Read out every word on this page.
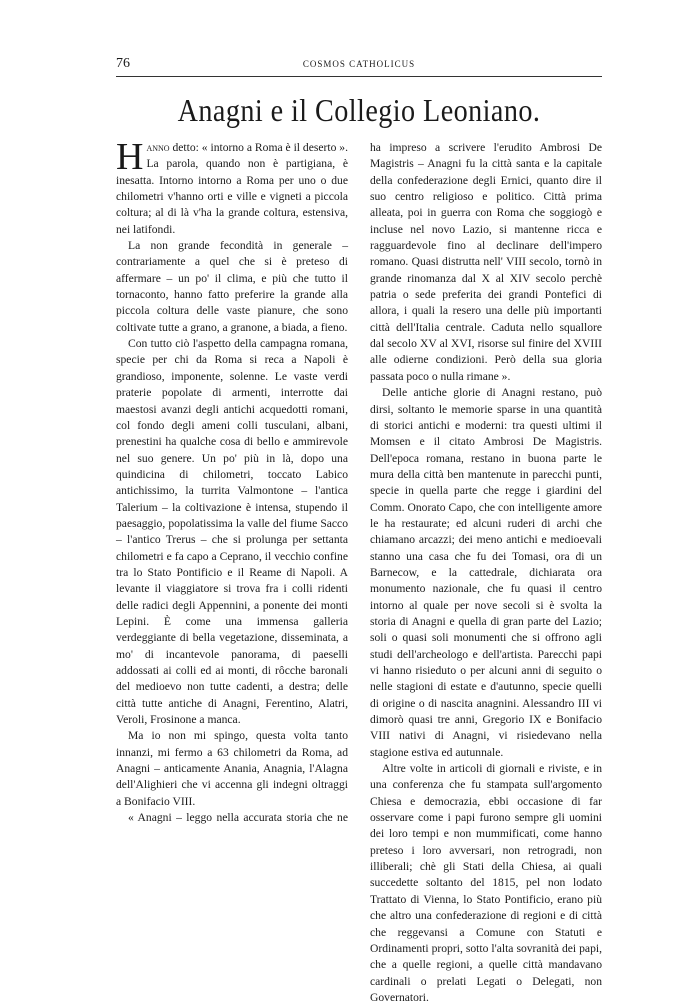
76	COSMOS CATHOLICUS
Anagni e il Collegio Leoniano.

Hanno detto: « intorno a Roma è il deserto ». La parola, quando non è partigiana, è inesatta. Intorno intorno a Roma per uno o due chilometri v'hanno orti e ville e vigneti a piccola coltura; al di là v'ha la grande coltura, estensiva, nei latifondi.

La non grande fecondità in generale – contrariamente a quel che si è preteso di affermare – un po' il clima, e più che tutto il tornaconto, hanno fatto preferire la grande alla piccola coltura delle vaste pianure, che sono coltivate tutte a grano, a granone, a biada, a fieno.

Con tutto ciò l'aspetto della campagna romana, specie per chi da Roma si reca a Napoli è grandioso, imponente, solenne. Le vaste verdi praterie popolate di armenti, interrotte dai maestosi avanzi degli antichi acquedotti romani, col fondo degli ameni colli tusculani, albani, prenestini ha qualche cosa di bello e ammirevole nel suo genere. Un po' più in là, dopo una quindicina di chilometri, toccato Labico antichissimo, la turrita Valmontone – l'antica Talerium – la coltivazione è intensa, stupendo il paesaggio, popolatissima la valle del fiume Sacco – l'antico Trerus – che si prolunga per settanta chilometri e fa capo a Ceprano, il vecchio confine tra lo Stato Pontificio e il Reame di Napoli. A levante il viaggiatore si trova fra i colli ridenti delle radici degli Appennini, a ponente dei monti Lepini. È come una immensa galleria verdeggiante di bella vegetazione, disseminata, a mo' di incantevole panorama, di paeselli addossati ai colli ed ai monti, di rôcche baronali del medioevo non tutte cadenti, a destra; delle città tutte antiche di Anagni, Ferentino, Alatri, Veroli, Frosinone a manca.

Ma io non mi spingo, questa volta tanto innanzi, mi fermo a 63 chilometri da Roma, ad Anagni – anticamente Anania, Anagnia, l'Alagna dell'Alighieri che vi accenna gli indegni oltraggi a Bonifacio VIII.

« Anagni – leggo nella accurata storia che ne

ha impreso a scrivere l'erudito Ambrosi De Magistris – Anagni fu la città santa e la capitale della confederazione degli Ernici, quanto dire il suo centro religioso e politico. Città prima alleata, poi in guerra con Roma che soggiogò e incluse nel novo Lazio, si mantenne ricca e ragguardevole fino al declinare dell'impero romano. Quasi distrutta nell' VIII secolo, tornò in grande rinomanza dal X al XIV secolo perchè patria o sede preferita dei grandi Pontefici di allora, i quali la resero una delle più importanti città dell'Italia centrale. Caduta nello squallore dal secolo XV al XVI, risorse sul finire del XVIII alle odierne condizioni. Però della sua gloria passata poco o nulla rimane ».

Delle antiche glorie di Anagni restano, può dirsi, soltanto le memorie sparse in una quantità di storici antichi e moderni: tra questi ultimi il Momsen e il citato Ambrosi De Magistris. Dell'epoca romana, restano in buona parte le mura della città ben mantenute in parecchi punti, specie in quella parte che regge i giardini del Comm. Onorato Capo, che con intelligente amore le ha restaurate; ed alcuni ruderi di archi che chiamano arcazzi; dei meno antichi e medioevali stanno una casa che fu dei Tomasi, ora di un Barnecow, e la cattedrale, dichiarata ora monumento nazionale, che fu quasi il centro intorno al quale per nove secoli si è svolta la storia di Anagni e quella di gran parte del Lazio; soli o quasi soli monumenti che si offrono agli studi dell'archeologo e dell'artista. Parecchi papi vi hanno risieduto o per alcuni anni di seguito o nelle stagioni di estate e d'autunno, specie quelli di origine o di nascita anagnini. Alessandro III vi dimorò quasi tre anni, Gregorio IX e Bonifacio VIII nativi di Anagni, vi risiedevano nella stagione estiva ed autunnale.

Altre volte in articoli di giornali e riviste, e in una conferenza che fu stampata sull'argomento Chiesa e democrazia, ebbi occasione di far osservare come i papi furono sempre gli uomini dei loro tempi e non mummificati, come hanno preteso i loro avversari, non retrogradi, non illiberali; chè gli Stati della Chiesa, ai quali succedette soltanto del 1815, pel non lodato Trattato di Vienna, lo Stato Pontificio, erano più che altro una confederazione di regioni e di città che reggevansi a Comune con Statuti e Ordinamenti propri, sotto l'alta sovranità dei papi, che a quelle regioni, a quelle città mandavano cardinali o prelati Legati o Delegati, non Governatori.
